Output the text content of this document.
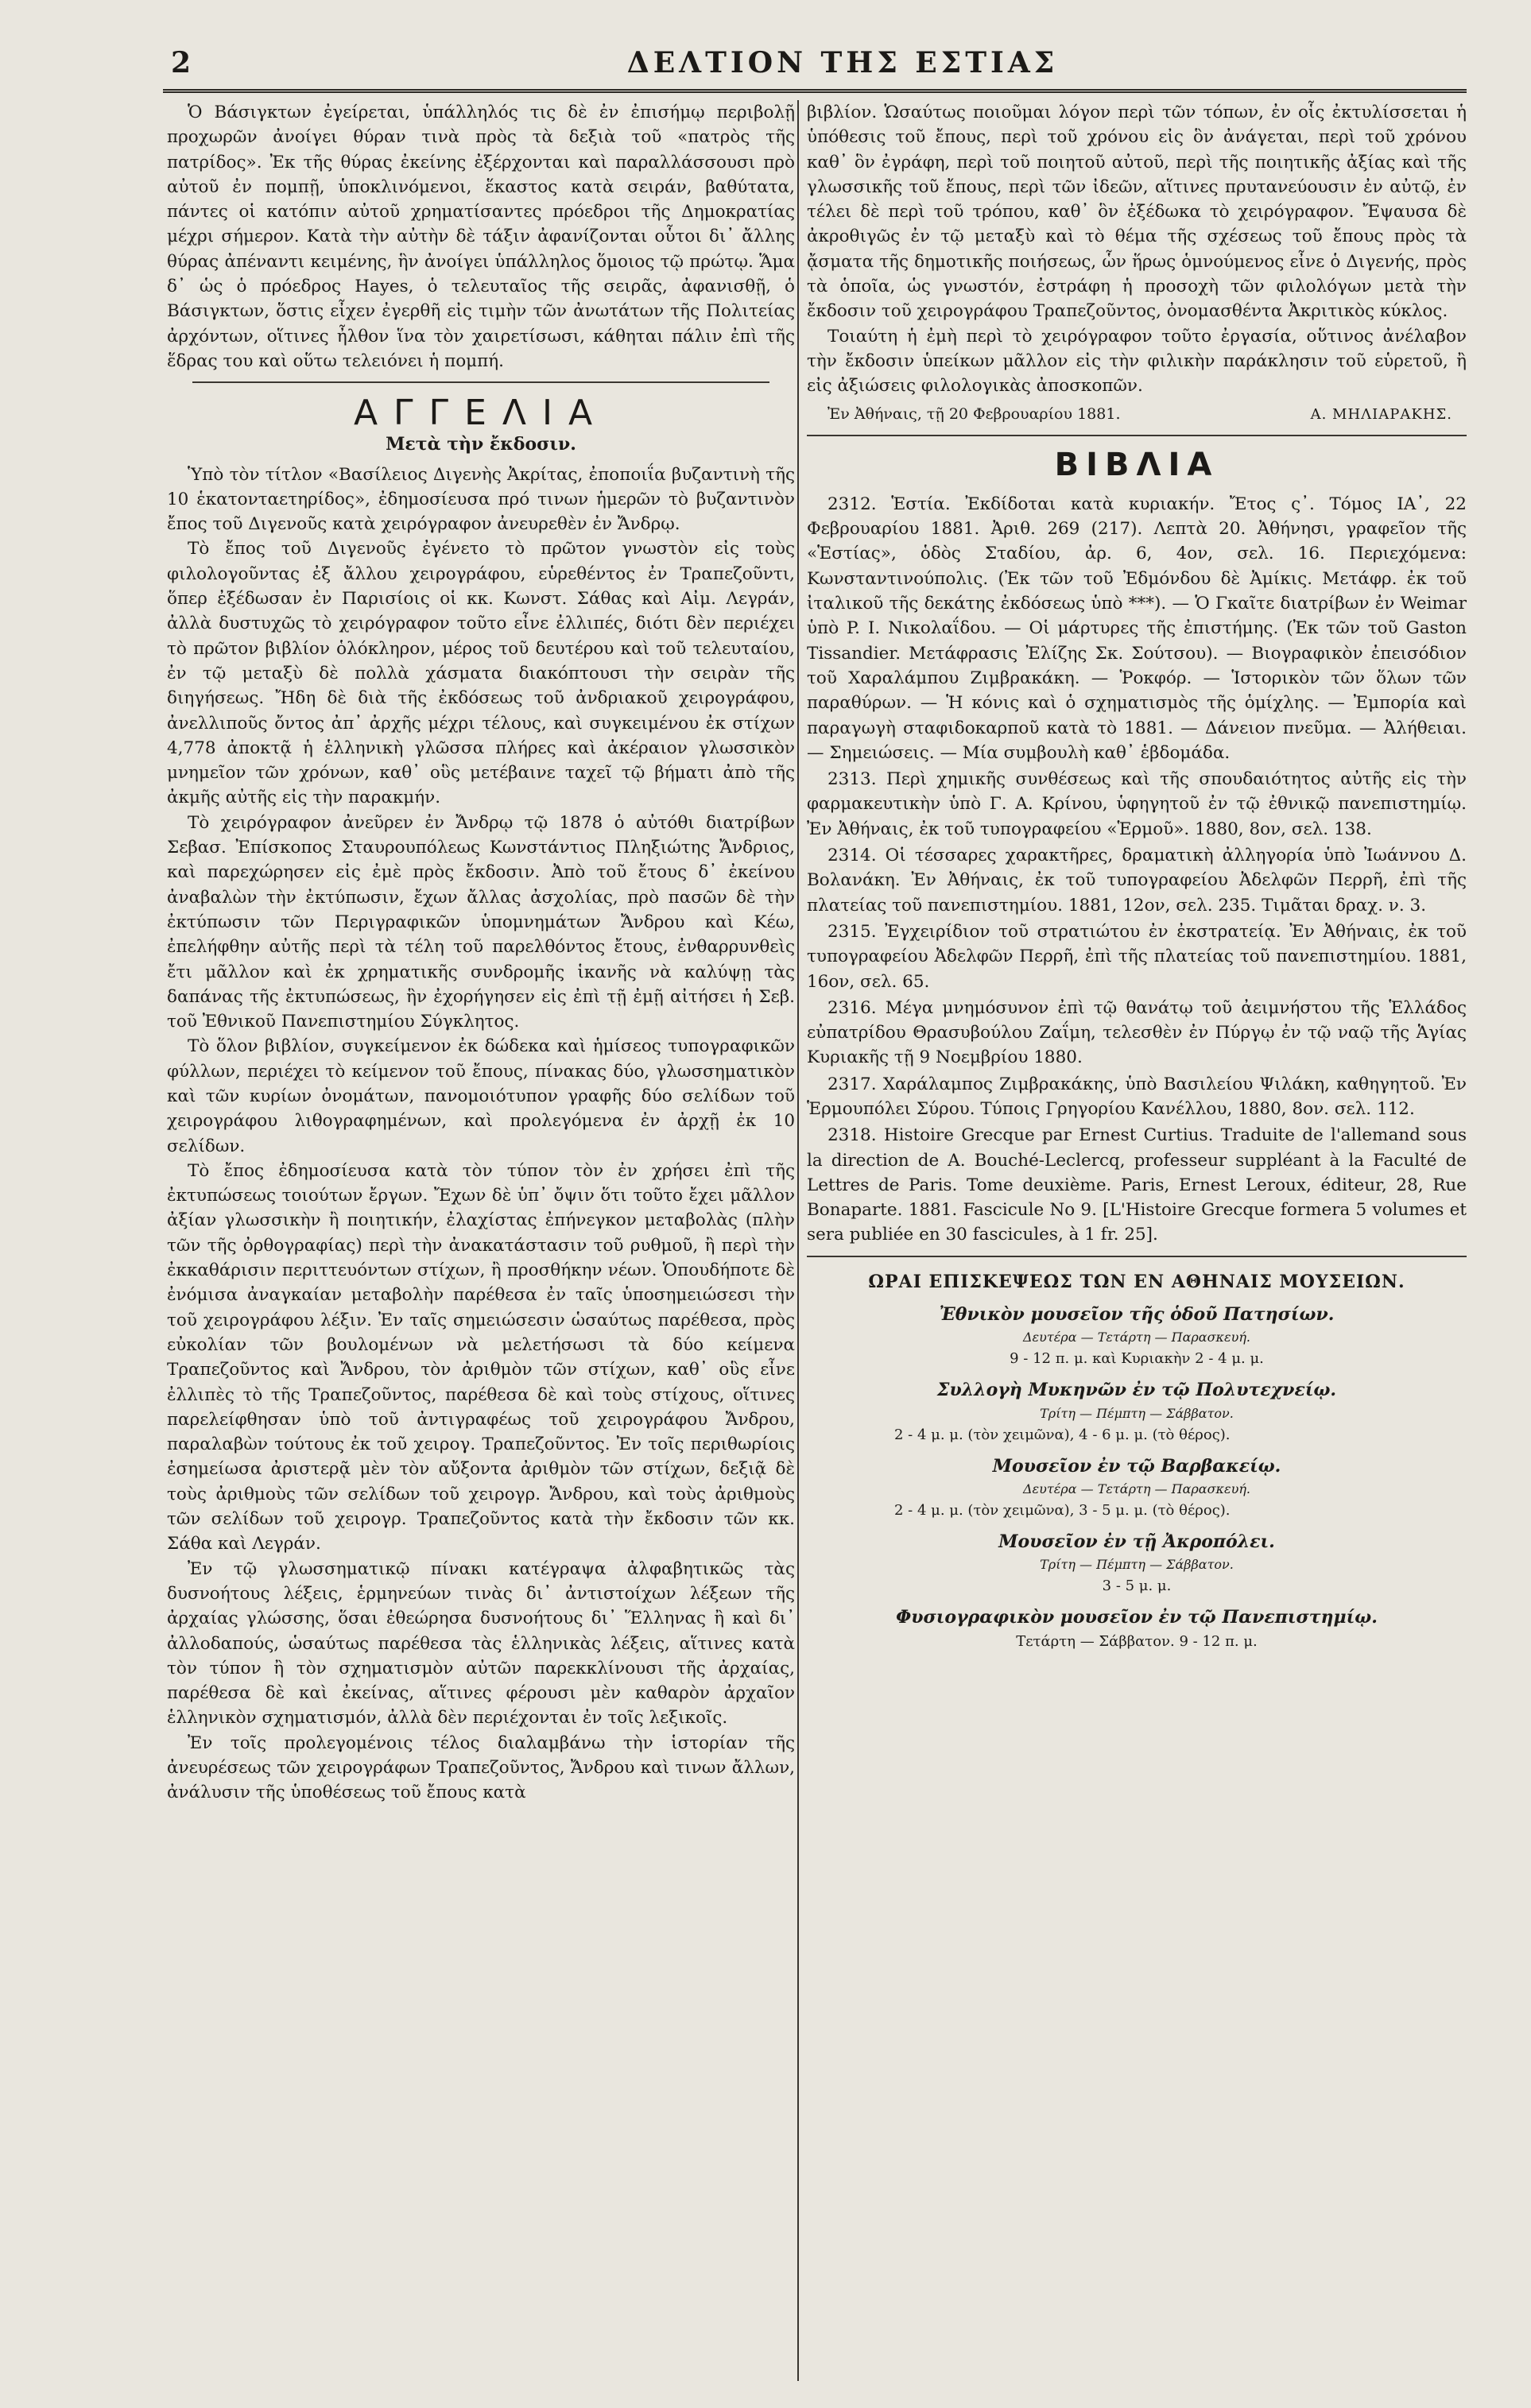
2	ΔΕΛΤΙΟΝ ΤΗΣ ΕΣΤΙΑΣ

Ὁ Βάσιγκτων ἐγείρεται, ὑπάλληλός τις δὲ ἐν ἐπισήμῳ περιβολῇ προχωρῶν ἀνοίγει θύραν τινὰ πρὸς τὰ δεξιὰ τοῦ «πατρὸς τῆς πατρίδος». Ἐκ τῆς θύρας ἐκείνης ἐξέρχονται καὶ παραλλάσσουσι πρὸ αὐτοῦ ἐν πομπῇ, ὑποκλινόμενοι, ἕκαστος κατὰ σειράν, βαθύτατα, πάντες οἱ κατόπιν αὐτοῦ χρηματίσαντες πρόεδροι τῆς Δημοκρατίας μέχρι σήμερον. Κατὰ τὴν αὐτὴν δὲ τάξιν ἀφανίζονται οὗτοι δι᾽ ἄλλης θύρας ἀπέναντι κειμένης, ἣν ἀνοίγει ὑπάλληλος ὅμοιος τῷ πρώτῳ. Ἅμα δ᾽ ὡς ὁ πρόεδρος Hayes, ὁ τελευταῖος τῆς σειρᾶς, ἀφανισθῇ, ὁ Βάσιγκτων, ὅστις εἶχεν ἐγερθῆ εἰς τιμὴν τῶν ἀνωτάτων τῆς Πολιτείας ἀρχόντων, οἵτινες ἦλθον ἵνα τὸν χαιρετίσωσι, κάθηται πάλιν ἐπὶ τῆς ἕδρας του καὶ οὕτω τελειόνει ἡ πομπή.

ΑΓΓΕΛΙΑ
Μετὰ τὴν ἔκδοσιν.

Ὑπὸ τὸν τίτλον «Βασίλειος Διγενὴς Ἀκρίτας, ἐποποιΐα βυζαντινὴ τῆς 10 ἑκατονταετηρίδος», ἐδημοσίευσα πρό τινων ἡμερῶν τὸ βυζαντινὸν ἔπος τοῦ Διγενοῦς κατὰ χειρόγραφον ἀνευρεθὲν ἐν Ἄνδρῳ.

Τὸ ἔπος τοῦ Διγενοῦς ἐγένετο τὸ πρῶτον γνωστὸν εἰς τοὺς φιλολογοῦντας ἐξ ἄλλου χειρογράφου, εὑρεθέντος ἐν Τραπεζοῦντι, ὅπερ ἐξέδωσαν ἐν Παρισίοις οἱ κκ. Κωνστ. Σάθας καὶ Αἰμ. Λεγράν, ἀλλὰ δυστυχῶς τὸ χειρόγραφον τοῦτο εἶνε ἐλλιπές, διότι δὲν περιέχει τὸ πρῶτον βιβλίον ὁλόκληρον, μέρος τοῦ δευτέρου καὶ τοῦ τελευταίου, ἐν τῷ μεταξὺ δὲ πολλὰ χάσματα διακόπτουσι τὴν σειρὰν τῆς διηγήσεως. Ἤδη δὲ διὰ τῆς ἐκδόσεως τοῦ ἀνδριακοῦ χειρογράφου, ἀνελλιποῦς ὄντος ἀπ᾽ ἀρχῆς μέχρι τέλους, καὶ συγκειμένου ἐκ στίχων 4,778 ἀποκτᾷ ἡ ἑλληνικὴ γλῶσσα πλήρες καὶ ἀκέραιον γλωσσικὸν μνημεῖον τῶν χρόνων, καθ᾽ οὓς μετέβαινε ταχεῖ τῷ βήματι ἀπὸ τῆς ἀκμῆς αὐτῆς εἰς τὴν παρακμήν.

Τὸ χειρόγραφον ἀνεῦρεν ἐν Ἄνδρῳ τῷ 1878 ὁ αὐτόθι διατρίβων Σεβασ. Ἐπίσκοπος Σταυρουπόλεως Κωνστάντιος Πληξιώτης Ἄνδριος, καὶ παρεχώρησεν εἰς ἐμὲ πρὸς ἔκδοσιν. Ἀπὸ τοῦ ἔτους δ᾽ ἐκείνου ἀναβαλὼν τὴν ἐκτύπωσιν, ἔχων ἄλλας ἀσχολίας, πρὸ πασῶν δὲ τὴν ἐκτύπωσιν τῶν Περιγραφικῶν ὑπομνημάτων Ἄνδρου καὶ Κέω, ἐπελήφθην αὐτῆς περὶ τὰ τέλη τοῦ παρελθόντος ἔτους, ἐνθαρρυνθεὶς ἔτι μᾶλλον καὶ ἐκ χρηματικῆς συνδρομῆς ἱκανῆς νὰ καλύψῃ τὰς δαπάνας τῆς ἐκτυπώσεως, ἣν ἐχορήγησεν εἰς ἐπὶ τῇ ἐμῇ αἰτήσει ἡ Σεβ. τοῦ Ἐθνικοῦ Πανεπιστημίου Σύγκλητος.

Τὸ ὅλον βιβλίον, συγκείμενον ἐκ δώδεκα καὶ ἡμίσεος τυπογραφικῶν φύλλων, περιέχει τὸ κείμενον τοῦ ἔπους, πίνακας δύο, γλωσσηματικὸν καὶ τῶν κυρίων ὀνομάτων, πανομοιότυπον γραφῆς δύο σελίδων τοῦ χειρογράφου λιθογραφημένων, καὶ προλεγόμενα ἐν ἀρχῇ ἐκ 10 σελίδων.

Τὸ ἔπος ἐδημοσίευσα κατὰ τὸν τύπον τὸν ἐν χρήσει ἐπὶ τῆς ἐκτυπώσεως τοιούτων ἔργων. Ἔχων δὲ ὑπ᾽ ὄψιν ὅτι τοῦτο ἔχει μᾶλλον ἀξίαν γλωσσικὴν ἢ ποιητικήν, ἐλαχίστας ἐπήνεγκον μεταβολὰς (πλὴν τῶν τῆς ὀρθογραφίας) περὶ τὴν ἀνακατάστασιν τοῦ ρυθμοῦ, ἢ περὶ τὴν ἐκκαθάρισιν περιττευόντων στίχων, ἢ προσθήκην νέων. Ὁπουδήποτε δὲ ἐνόμισα ἀναγκαίαν μεταβολὴν παρέθεσα ἐν ταῖς ὑποσημειώσεσι τὴν τοῦ χειρογράφου λέξιν. Ἐν ταῖς σημειώσεσιν ὡσαύτως παρέθεσα, πρὸς εὐκολίαν τῶν βουλομένων νὰ μελετήσωσι τὰ δύο κείμενα Τραπεζοῦντος καὶ Ἄνδρου, τὸν ἀριθμὸν τῶν στίχων, καθ᾽ οὓς εἶνε ἐλλιπὲς τὸ τῆς Τραπεζοῦντος, παρέθεσα δὲ καὶ τοὺς στίχους, οἵτινες παρελείφθησαν ὑπὸ τοῦ ἀντιγραφέως τοῦ χειρογράφου Ἄνδρου, παραλαβὼν τούτους ἐκ τοῦ χειρογ. Τραπεζοῦντος. Ἐν τοῖς περιθωρίοις ἐσημείωσα ἀριστερᾷ μὲν τὸν αὔξοντα ἀριθμὸν τῶν στίχων, δεξιᾷ δὲ τοὺς ἀριθμοὺς τῶν σελίδων τοῦ χειρογρ. Ἄνδρου, καὶ τοὺς ἀριθμοὺς τῶν σελίδων τοῦ χειρογρ. Τραπεζοῦντος κατὰ τὴν ἔκδοσιν τῶν κκ. Σάθα καὶ Λεγράν.

Ἐν τῷ γλωσσηματικῷ πίνακι κατέγραψα ἀλφαβητικῶς τὰς δυσνοήτους λέξεις, ἑρμηνεύων τινὰς δι᾽ ἀντιστοίχων λέξεων τῆς ἀρχαίας γλώσσης, ὅσαι ἐθεώρησα δυσνοήτους δι᾽ Ἕλληνας ἢ καὶ δι᾽ ἀλλοδαπούς, ὡσαύτως παρέθεσα τὰς ἑλληνικὰς λέξεις, αἵτινες κατὰ τὸν τύπον ἢ τὸν σχηματισμὸν αὐτῶν παρεκκλίνουσι τῆς ἀρχαίας, παρέθεσα δὲ καὶ ἐκείνας, αἵτινες φέρουσι μὲν καθαρὸν ἀρχαῖον ἑλληνικὸν σχηματισμόν, ἀλλὰ δὲν περιέχονται ἐν τοῖς λεξικοῖς.

Ἐν τοῖς προλεγομένοις τέλος διαλαμβάνω τὴν ἱστορίαν τῆς ἀνευρέσεως τῶν χειρογράφων Τραπεζοῦντος, Ἄνδρου καὶ τινων ἄλλων, ἀνάλυσιν τῆς ὑποθέσεως τοῦ ἔπους κατὰ

βιβλίον. Ὡσαύτως ποιοῦμαι λόγον περὶ τῶν τόπων, ἐν οἷς ἐκτυλίσσεται ἡ ὑπόθεσις τοῦ ἔπους, περὶ τοῦ χρόνου εἰς ὃν ἀνάγεται, περὶ τοῦ χρόνου καθ᾽ ὃν ἐγράφη, περὶ τοῦ ποιητοῦ αὐτοῦ, περὶ τῆς ποιητικῆς ἀξίας καὶ τῆς γλωσσικῆς τοῦ ἔπους, περὶ τῶν ἰδεῶν, αἵτινες πρυτανεύουσιν ἐν αὐτῷ, ἐν τέλει δὲ περὶ τοῦ τρόπου, καθ᾽ ὃν ἐξέδωκα τὸ χειρόγραφον. Ἔψαυσα δὲ ἀκροθιγῶς ἐν τῷ μεταξὺ καὶ τὸ θέμα τῆς σχέσεως τοῦ ἔπους πρὸς τὰ ᾄσματα τῆς δημοτικῆς ποιήσεως, ὧν ἥρως ὁμνούμενος εἶνε ὁ Διγενής, πρὸς τὰ ὁποῖα, ὡς γνωστόν, ἐστράφη ἡ προσοχὴ τῶν φιλολόγων μετὰ τὴν ἔκδοσιν τοῦ χειρογράφου Τραπεζοῦντος, ὀνομασθέντα Ἀκριτικὸς κύκλος.

Τοιαύτη ἡ ἐμὴ περὶ τὸ χειρόγραφον τοῦτο ἐργασία, οὕτινος ἀνέλαβον τὴν ἔκδοσιν ὑπείκων μᾶλλον εἰς τὴν φιλικὴν παράκλησιν τοῦ εὑρετοῦ, ἢ εἰς ἀξιώσεις φιλολογικὰς ἀποσκοπῶν.

Ἐν Ἀθήναις, τῇ 20 Φεβρουαρίου 1881.	Α. ΜΗΛΙΑΡΑΚΗΣ.
ΒΙΒΛΙΑ

2312. Ἑστία. Ἐκδίδοται κατὰ κυριακήν. Ἔτος ς᾽. Τόμος ΙΑ᾽, 22 Φεβρουαρίου 1881. Ἀριθ. 269 (217). Λεπτὰ 20. Ἀθήνησι, γραφεῖον τῆς «Ἑστίας», ὁδὸς Σταδίου, ἀρ. 6, 4ον, σελ. 16. Περιεχόμενα: Κωνσταντινούπολις. (Ἐκ τῶν τοῦ Ἐδμόνδου δὲ Ἀμίκις. Μετάφρ. ἐκ τοῦ ἰταλικοῦ τῆς δεκάτης ἐκδόσεως ὑπὸ ***). — Ὁ Γκαῖτε διατρίβων ἐν Weimar ὑπὸ P. I. Νικολαΐδου. — Οἱ μάρτυρες τῆς ἐπιστήμης. (Ἐκ τῶν τοῦ Gaston Tissandier. Μετάφρασις Ἐλίζης Σκ. Σούτσου). — Βιογραφικὸν ἐπεισόδιον τοῦ Χαραλάμπου Ζιμβρακάκη. — Ῥοκφόρ. — Ἱστορικὸν τῶν ὅλων τῶν παραθύρων. — Ἡ κόνις καὶ ὁ σχηματισμὸς τῆς ὁμίχλης. — Ἐμπορία καὶ παραγωγὴ σταφιδοκαρποῦ κατὰ τὸ 1881. — Δάνειον πνεῦμα. — Ἀλήθειαι. — Σημειώσεις. — Μία συμβουλὴ καθ᾽ ἑβδομάδα.

2313. Περὶ χημικῆς συνθέσεως καὶ τῆς σπουδαιότητος αὐτῆς εἰς τὴν φαρμακευτικὴν ὑπὸ Γ. Α. Κρίνου, ὑφηγητοῦ ἐν τῷ ἐθνικῷ πανεπιστημίῳ. Ἐν Ἀθήναις, ἐκ τοῦ τυπογραφείου «Ἑρμοῦ». 1880, 8ον, σελ. 138.

2314. Οἱ τέσσαρες χαρακτῆρες, δραματικὴ ἀλληγορία ὑπὸ Ἰωάννου Δ. Βολανάκη. Ἐν Ἀθήναις, ἐκ τοῦ τυπογραφείου Ἀδελφῶν Περρῆ, ἐπὶ τῆς πλατείας τοῦ πανεπιστημίου. 1881, 12ον, σελ. 235. Τιμᾶται δραχ. ν. 3.

2315. Ἐγχειρίδιον τοῦ στρατιώτου ἐν ἐκστρατείᾳ. Ἐν Ἀθήναις, ἐκ τοῦ τυπογραφείου Ἀδελφῶν Περρῆ, ἐπὶ τῆς πλατείας τοῦ πανεπιστημίου. 1881, 16ον, σελ. 65.

2316. Μέγα μνημόσυνον ἐπὶ τῷ θανάτῳ τοῦ ἀειμνήστου τῆς Ἑλλάδος εὐπατρίδου Θρασυβούλου Ζαΐμη, τελεσθὲν ἐν Πύργῳ ἐν τῷ ναῷ τῆς Ἁγίας Κυριακῆς τῇ 9 Νοεμβρίου 1880.

2317. Χαράλαμπος Ζιμβρακάκης, ὑπὸ Βασιλείου Ψιλάκη, καθηγητοῦ. Ἐν Ἑρμουπόλει Σύρου. Τύποις Γρηγορίου Κανέλλου, 1880, 8ον. σελ. 112.

2318. Histoire Grecque par Ernest Curtius. Traduite de l'allemand sous la direction de A. Bouché-Leclercq, professeur suppléant à la Faculté de Lettres de Paris. Tome deuxième. Paris, Ernest Leroux, éditeur, 28, Rue Bonaparte. 1881. Fascicule No 9. [L'Histoire Grecque formera 5 volumes et sera publiée en 30 fascicules, à 1 fr. 25].

ΩΡΑΙ ΕΠΙΣΚΕΨΕΩΣ ΤΩΝ ΕΝ ΑΘΗΝΑΙΣ ΜΟΥΣΕΙΩΝ.

Ἐθνικὸν μουσεῖον τῆς ὁδοῦ Πατησίων.

Δευτέρα — Τετάρτη — Παρασκευή.

9 - 12 π. μ. καὶ Κυριακὴν 2 - 4 μ. μ.

Συλλογὴ Μυκηνῶν ἐν τῷ Πολυτεχνείῳ.

Τρίτη — Πέμπτη — Σάββατον.

2 - 4 μ. μ. (τὸν χειμῶνα), 4 - 6 μ. μ. (τὸ θέρος).

Μουσεῖον ἐν τῷ Βαρβακείῳ.

Δευτέρα — Τετάρτη — Παρασκευή.

2 - 4 μ. μ. (τὸν χειμῶνα), 3 - 5 μ. μ. (τὸ θέρος).

Μουσεῖον ἐν τῇ Ἀκροπόλει.

Τρίτη — Πέμπτη — Σάββατον.

3 - 5 μ. μ.

Φυσιογραφικὸν μουσεῖον ἐν τῷ Πανεπιστημίῳ.

Τετάρτη — Σάββατον. 9 - 12 π. μ.
